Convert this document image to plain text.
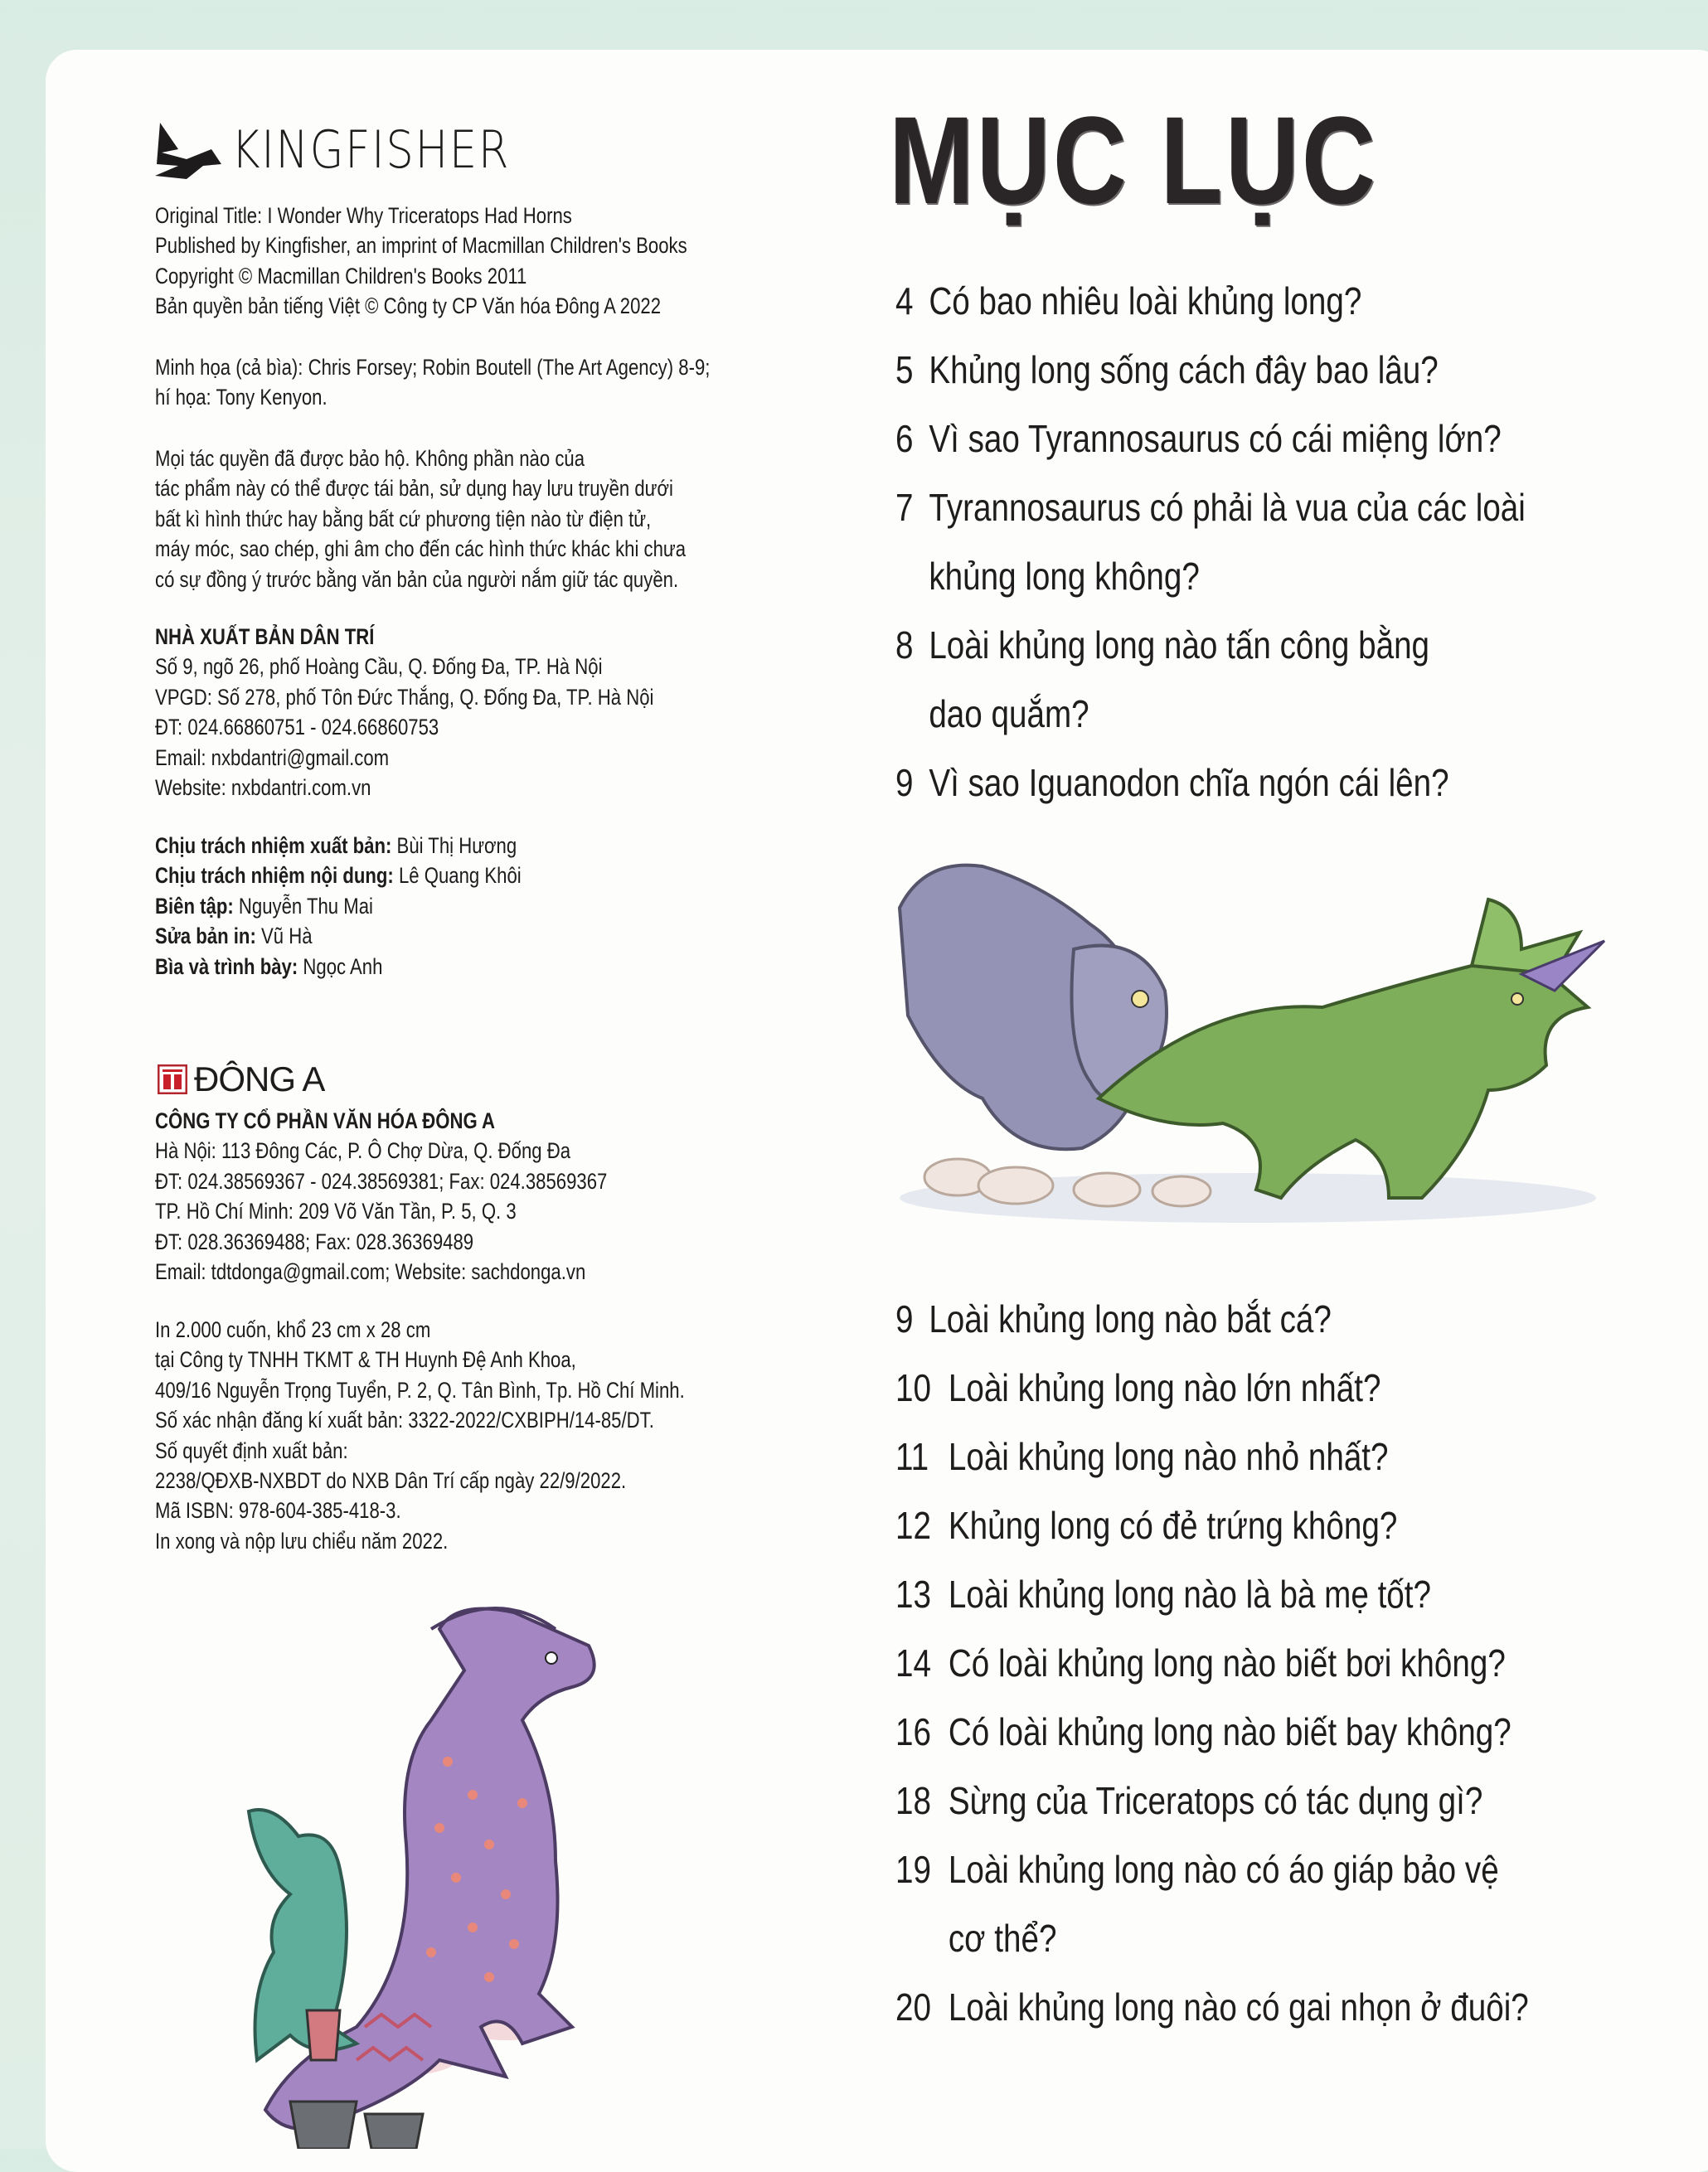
KINGFISHER
Original Title: I Wonder Why Triceratops Had Horns
Published by Kingfisher, an imprint of Macmillan Children's Books
Copyright © Macmillan Children's Books 2011
Bản quyền bản tiếng Việt © Công ty CP Văn hóa Đông A 2022
Minh họa (cả bìa): Chris Forsey; Robin Boutell (The Art Agency) 8-9;
hí họa: Tony Kenyon.
Mọi tác quyền đã được bảo hộ. Không phần nào của
tác phẩm này có thể được tái bản, sử dụng hay lưu truyền dưới
bất kì hình thức hay bằng bất cứ phương tiện nào từ điện tử,
máy móc, sao chép, ghi âm cho đến các hình thức khác khi chưa
có sự đồng ý trước bằng văn bản của người nắm giữ tác quyền.
NHÀ XUẤT BẢN DÂN TRÍ
Số 9, ngõ 26, phố Hoàng Cầu, Q. Đống Đa, TP. Hà Nội
VPGD: Số 278, phố Tôn Đức Thắng, Q. Đống Đa, TP. Hà Nội
ĐT: 024.66860751 - 024.66860753
Email: nxbdantri@gmail.com
Website: nxbdantri.com.vn
Chịu trách nhiệm xuất bản: Bùi Thị Hương
Chịu trách nhiệm nội dung: Lê Quang Khôi
Biên tập: Nguyễn Thu Mai
Sửa bản in: Vũ Hà
Bìa và trình bày: Ngọc Anh
ĐÔNG A
CÔNG TY CỔ PHẦN VĂN HÓA ĐÔNG A
Hà Nội: 113 Đông Các, P. Ô Chợ Dừa, Q. Đống Đa
ĐT: 024.38569367 - 024.38569381; Fax: 024.38569367
TP. Hồ Chí Minh: 209 Võ Văn Tần, P. 5, Q. 3
ĐT: 028.36369488; Fax: 028.36369489
Email: tdtdonga@gmail.com; Website: sachdonga.vn
In 2.000 cuốn, khổ 23 cm x 28 cm
tại Công ty TNHH TKMT & TH Huynh Đệ Anh Khoa,
409/16 Nguyễn Trọng Tuyển, P. 2, Q. Tân Bình, Tp. Hồ Chí Minh.
Số xác nhận đăng kí xuất bản: 3322-2022/CXBIPH/14-85/DT.
Số quyết định xuất bản:
2238/QĐXB-NXBDT do NXB Dân Trí cấp ngày 22/9/2022.
Mã ISBN: 978-604-385-418-3.
In xong và nộp lưu chiểu năm 2022.
MỤC LỤC
4 Có bao nhiêu loài khủng long?
5 Khủng long sống cách đây bao lâu?
6 Vì sao Tyrannosaurus có cái miệng lớn?
7 Tyrannosaurus có phải là vua của các loài
khủng long không?
8 Loài khủng long nào tấn công bằng
dao quắm?
9 Vì sao Iguanodon chĩa ngón cái lên?
9 Loài khủng long nào bắt cá?
10 Loài khủng long nào lớn nhất?
11 Loài khủng long nào nhỏ nhất?
12 Khủng long có đẻ trứng không?
13 Loài khủng long nào là bà mẹ tốt?
14 Có loài khủng long nào biết bơi không?
16 Có loài khủng long nào biết bay không?
18 Sừng của Triceratops có tác dụng gì?
19 Loài khủng long nào có áo giáp bảo vệ
cơ thể?
20 Loài khủng long nào có gai nhọn ở đuôi?
